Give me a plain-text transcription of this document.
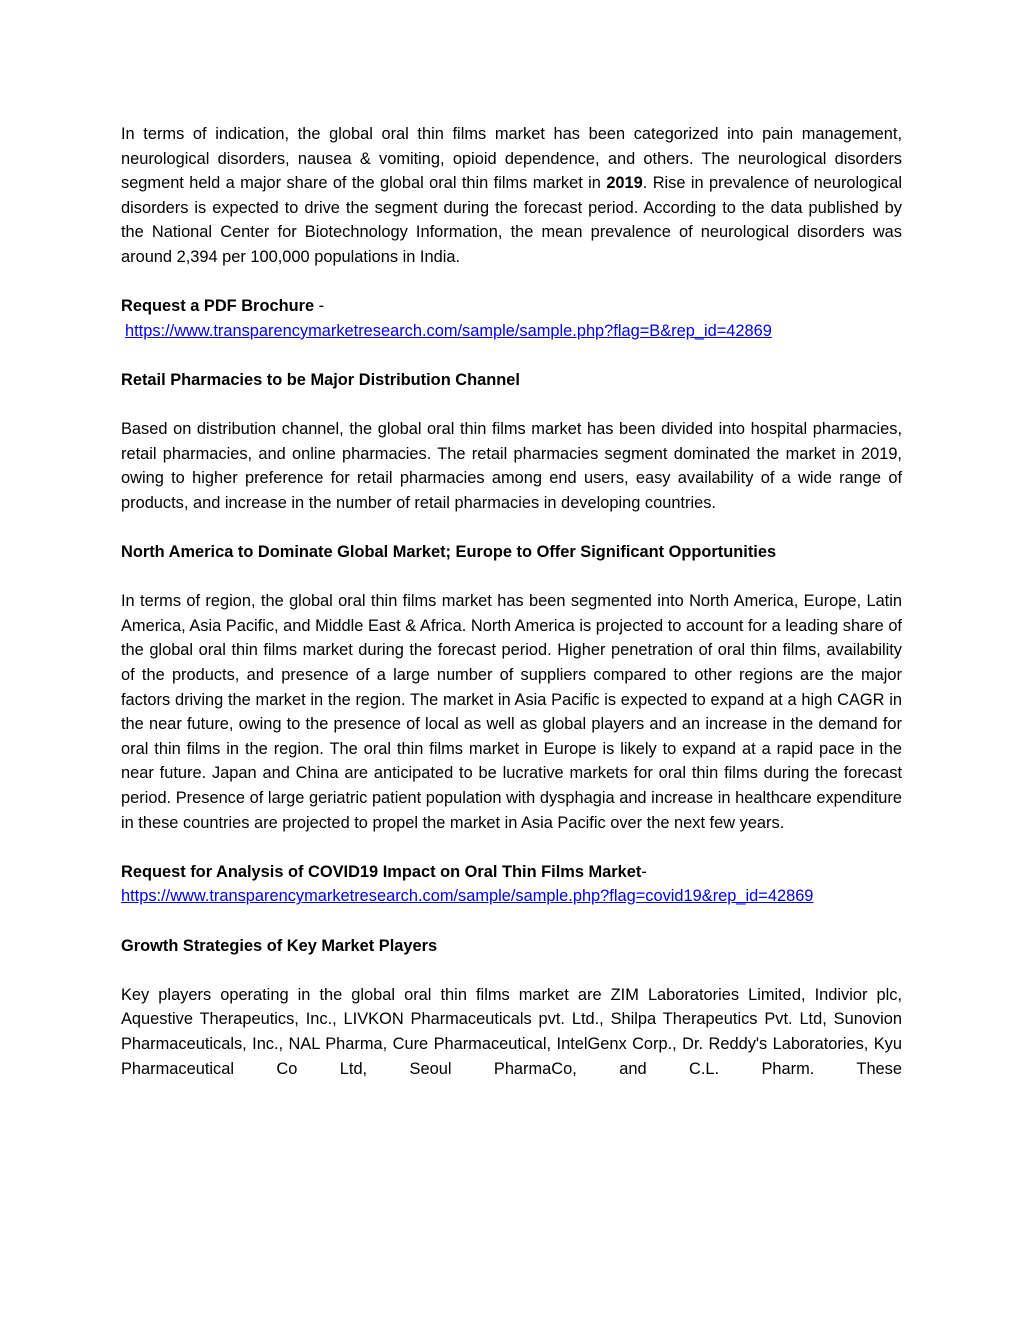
In terms of indication, the global oral thin films market has been categorized into pain management, neurological disorders, nausea & vomiting, opioid dependence, and others. The neurological disorders segment held a major share of the global oral thin films market in 2019. Rise in prevalence of neurological disorders is expected to drive the segment during the forecast period. According to the data published by the National Center for Biotechnology Information, the mean prevalence of neurological disorders was around 2,394 per 100,000 populations in India.

Request a PDF Brochure -

https://www.transparencymarketresearch.com/sample/sample.php?flag=B&rep_id=42869

Retail Pharmacies to be Major Distribution Channel

Based on distribution channel, the global oral thin films market has been divided into hospital pharmacies, retail pharmacies, and online pharmacies. The retail pharmacies segment dominated the market in 2019, owing to higher preference for retail pharmacies among end users, easy availability of a wide range of products, and increase in the number of retail pharmacies in developing countries.

North America to Dominate Global Market; Europe to Offer Significant Opportunities

In terms of region, the global oral thin films market has been segmented into North America, Europe, Latin America, Asia Pacific, and Middle East & Africa. North America is projected to account for a leading share of the global oral thin films market during the forecast period. Higher penetration of oral thin films, availability of the products, and presence of a large number of suppliers compared to other regions are the major factors driving the market in the region. The market in Asia Pacific is expected to expand at a high CAGR in the near future, owing to the presence of local as well as global players and an increase in the demand for oral thin films in the region. The oral thin films market in Europe is likely to expand at a rapid pace in the near future. Japan and China are anticipated to be lucrative markets for oral thin films during the forecast period. Presence of large geriatric patient population with dysphagia and increase in healthcare expenditure in these countries are projected to propel the market in Asia Pacific over the next few years.

Request for Analysis of COVID19 Impact on Oral Thin Films Market-

https://www.transparencymarketresearch.com/sample/sample.php?flag=covid19&rep_id=42869

Growth Strategies of Key Market Players

Key players operating in the global oral thin films market are ZIM Laboratories Limited, Indivior plc, Aquestive Therapeutics, Inc., LIVKON Pharmaceuticals pvt. Ltd., Shilpa Therapeutics Pvt. Ltd, Sunovion Pharmaceuticals, Inc., NAL Pharma, Cure Pharmaceutical, IntelGenx Corp., Dr. Reddy's Laboratories, Kyu Pharmaceutical Co Ltd, Seoul PharmaCo, and C.L. Pharm. These
